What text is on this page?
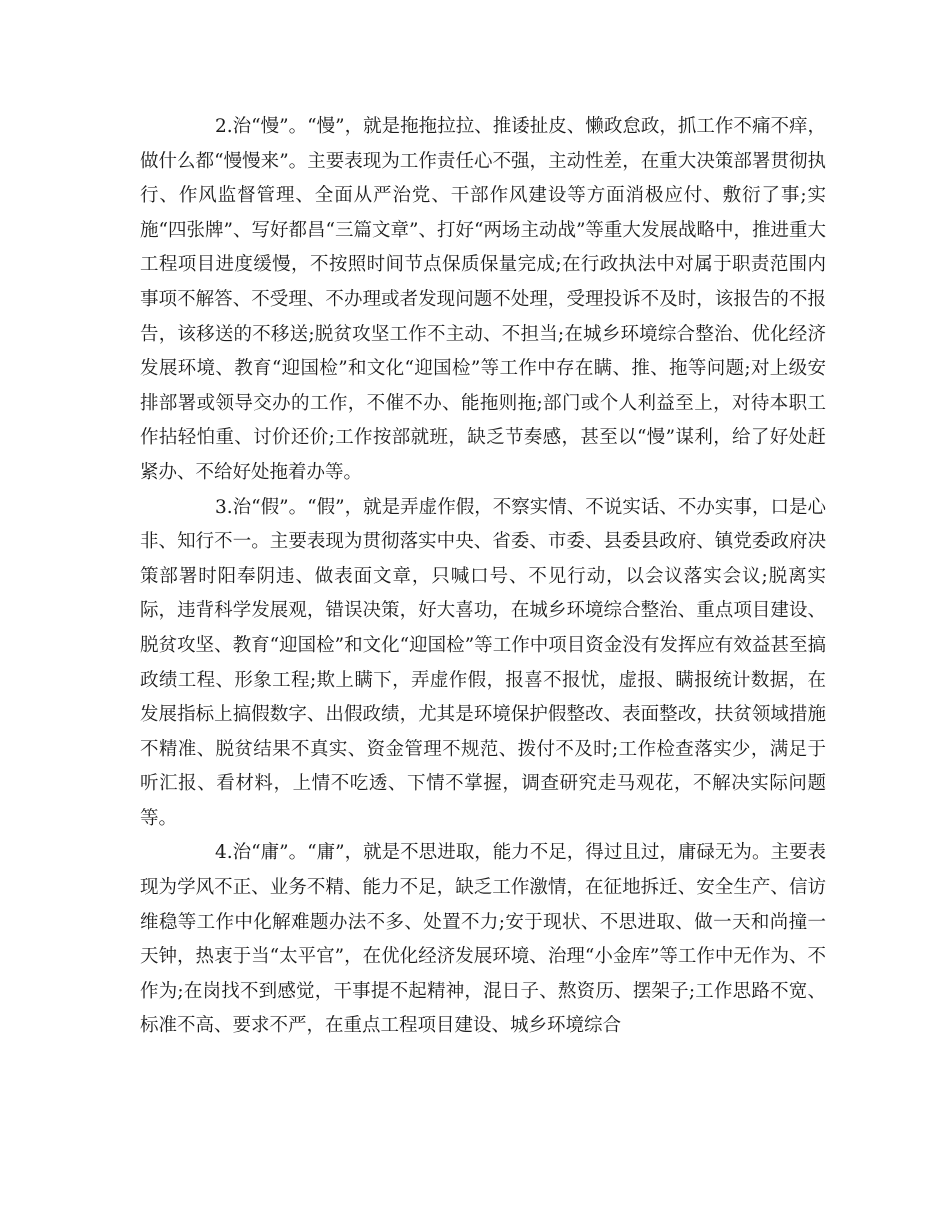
2.治“慢”。“慢”，就是拖拖拉拉、推诿扯皮、懒政怠政，抓工作不痛不痒，做什么都“慢慢来”。主要表现为工作责任心不强，主动性差，在重大决策部署贯彻执行、作风监督管理、全面从严治党、干部作风建设等方面消极应付、敷衍了事;实施“四张牌”、写好都昌“三篇文章”、打好“两场主动战”等重大发展战略中，推进重大工程项目进度缓慢，不按照时间节点保质保量完成;在行政执法中对属于职责范围内事项不解答、不受理、不办理或者发现问题不处理，受理投诉不及时，该报告的不报告，该移送的不移送;脱贫攻坚工作不主动、不担当;在城乡环境综合整治、优化经济发展环境、教育“迎国检”和文化“迎国检”等工作中存在瞒、推、拖等问题;对上级安排部署或领导交办的工作，不催不办、能拖则拖;部门或个人利益至上，对待本职工作拈轻怕重、讨价还价;工作按部就班，缺乏节奏感，甚至以“慢”谋利，给了好处赶紧办、不给好处拖着办等。

3.治“假”。“假”，就是弄虚作假，不察实情、不说实话、不办实事，口是心非、知行不一。主要表现为贯彻落实中央、省委、市委、县委县政府、镇党委政府决策部署时阳奉阴违、做表面文章，只喊口号、不见行动，以会议落实会议;脱离实际，违背科学发展观，错误决策，好大喜功，在城乡环境综合整治、重点项目建设、脱贫攻坚、教育“迎国检”和文化“迎国检”等工作中项目资金没有发挥应有效益甚至搞政绩工程、形象工程;欺上瞒下，弄虚作假，报喜不报忧，虚报、瞒报统计数据，在发展指标上搞假数字、出假政绩，尤其是环境保护假整改、表面整改，扶贫领域措施不精准、脱贫结果不真实、资金管理不规范、拨付不及时;工作检查落实少，满足于听汇报、看材料，上情不吃透、下情不掌握，调查研究走马观花，不解决实际问题等。

4.治“庸”。“庸”，就是不思进取，能力不足，得过且过，庸碌无为。主要表现为学风不正、业务不精、能力不足，缺乏工作激情，在征地拆迁、安全生产、信访维稳等工作中化解难题办法不多、处置不力;安于现状、不思进取、做一天和尚撞一天钟，热衷于当“太平官”，在优化经济发展环境、治理“小金库”等工作中无作为、不作为;在岗找不到感觉，干事提不起精神，混日子、熬资历、摆架子;工作思路不宽、标准不高、要求不严，在重点工程项目建设、城乡环境综合
